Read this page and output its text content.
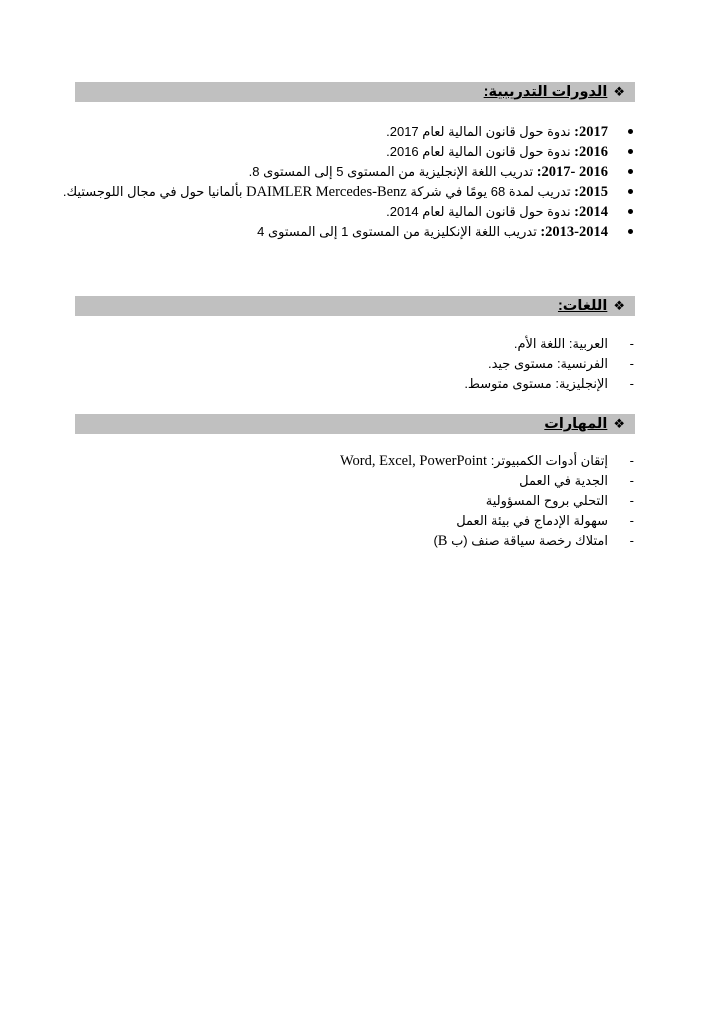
❖الدورات التدريبية:
2017: ندوة حول قانون المالية لعام 2017.
2016: ندوة حول قانون المالية لعام 2016.
2016 -2017: تدريب اللغة الإنجليزية من المستوى 5 إلى المستوى 8.
2015: تدريب لمدة 68 يومًا في شركة DAIMLER Mercedes-Benz بألمانيا حول في مجال اللوجستيك.
2014: ندوة حول قانون المالية لعام 2014.
2013-2014: تدريب اللغة الإنكليزية من المستوى 1 إلى المستوى 4
❖اللغات:
-
العربية: اللغة الأم.
-
الفرنسية: مستوى جيد.
-
الإنجليزية: مستوى متوسط.
❖المهارات
-
إتقان أدوات الكمبيوتر: Word, Excel, PowerPoint
-
الجدية في العمل
-
التحلي بروح المسؤولية
-
سهولة الإدماج في بيئة العمل
-
امتلاك رخصة سياقة صنف (ب B)
